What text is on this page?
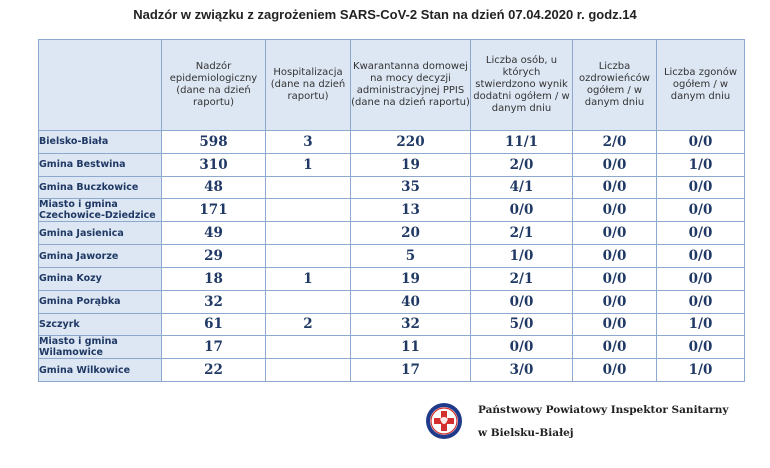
Nadzór w związku z zagrożeniem SARS-CoV-2 Stan na dzień 07.04.2020 r. godz.14
	Nadzór epidemiologiczny (dane na dzień raportu)	Hospitalizacja (dane na dzień raportu)	Kwarantanna domowej na mocy decyzji administracyjnej PPIS (dane na dzień raportu)	Liczba osób, u których stwierdzono wynik dodatni ogółem / w danym dniu	Liczba ozdrowieńców ogółem / w danym dniu	Liczba zgonów ogółem / w danym dniu
Bielsko-Biała	598	3	220	11/1	2/0	0/0
Gmina Bestwina	310	1	19	2/0	0/0	1/0
Gmina Buczkowice	48		35	4/1	0/0	0/0
Miasto i gmina Czechowice-Dziedzice	171		13	0/0	0/0	0/0
Gmina Jasienica	49		20	2/1	0/0	0/0
Gmina Jaworze	29		5	1/0	0/0	0/0
Gmina Kozy	18	1	19	2/1	0/0	0/0
Gmina Porąbka	32		40	0/0	0/0	0/0
Szczyrk	61	2	32	5/0	0/0	1/0
Miasto i gmina Wilamowice	17		11	0/0	0/0	0/0
Gmina Wilkowice	22		17	3/0	0/0	1/0
Państwowy Powiatowy Inspektor Sanitarny
w Bielsku-Białej
